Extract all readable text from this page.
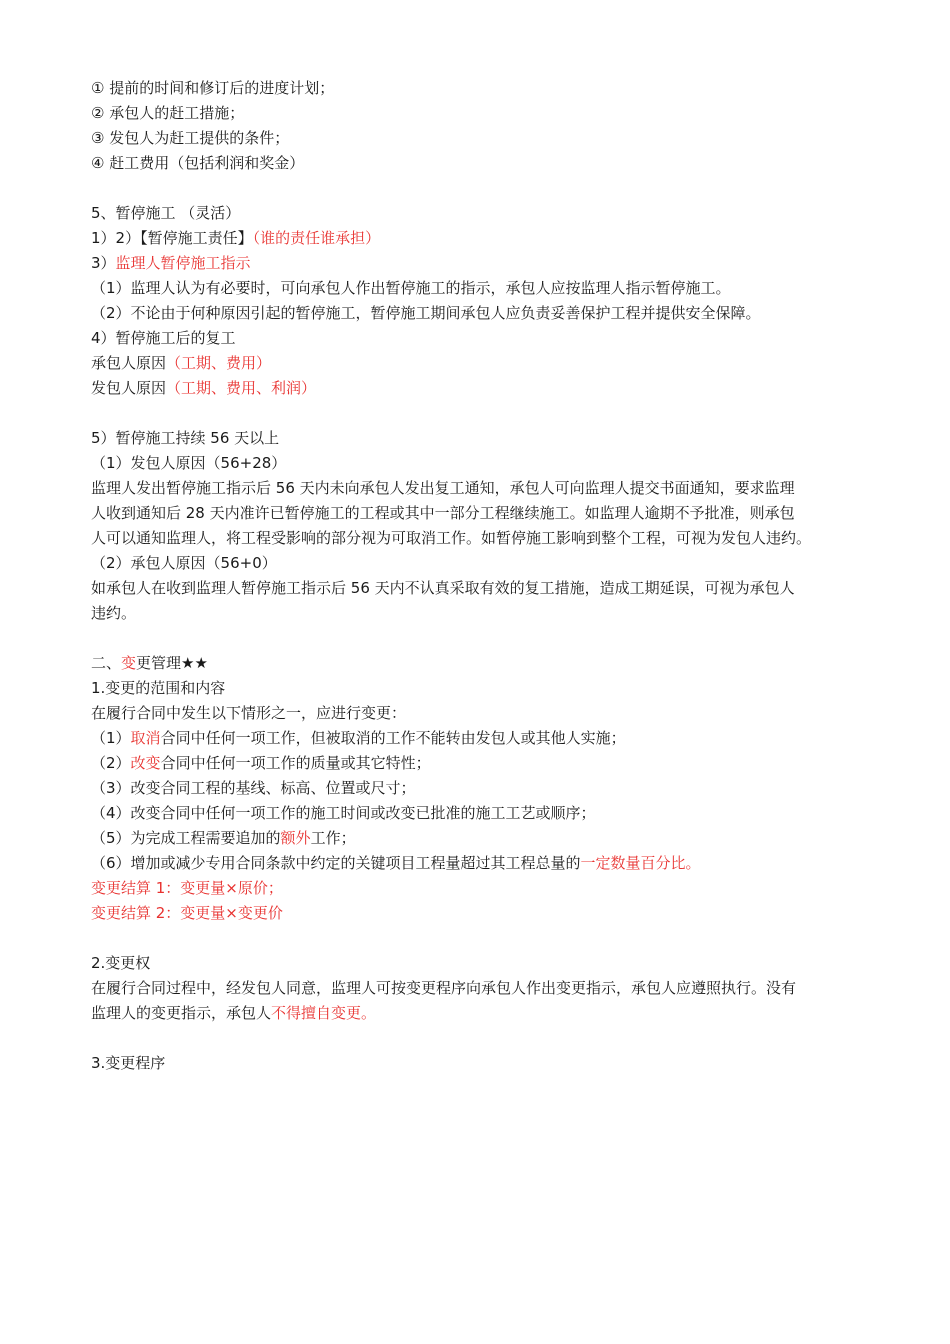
① 提前的时间和修订后的进度计划；
② 承包人的赶工措施；
③ 发包人为赶工提供的条件；
④ 赶工费用（包括利润和奖金）
5、暂停施工 （灵活）
1）2）【暂停施工责任】（谁的责任谁承担）
3）监理人暂停施工指示
（1）监理人认为有必要时，可向承包人作出暂停施工的指示，承包人应按监理人指示暂停施工。
（2）不论由于何种原因引起的暂停施工，暂停施工期间承包人应负责妥善保护工程并提供安全保障。
4）暂停施工后的复工
承包人原因（工期、费用）
发包人原因（工期、费用、利润）
5）暂停施工持续 56 天以上
（1）发包人原因（56+28）
监理人发出暂停施工指示后 56 天内未向承包人发出复工通知，承包人可向监理人提交书面通知，要求监理
人收到通知后 28 天内准许已暂停施工的工程或其中一部分工程继续施工。如监理人逾期不予批准，则承包
人可以通知监理人，将工程受影响的部分视为可取消工作。如暂停施工影响到整个工程，可视为发包人违约。
（2）承包人原因（56+0）
如承包人在收到监理人暂停施工指示后 56 天内不认真采取有效的复工措施，造成工期延误，可视为承包人
违约。
二、变更管理★★
1.变更的范围和内容
在履行合同中发生以下情形之一，应进行变更：
（1）取消合同中任何一项工作，但被取消的工作不能转由发包人或其他人实施；
（2）改变合同中任何一项工作的质量或其它特性；
（3）改变合同工程的基线、标高、位置或尺寸；
（4）改变合同中任何一项工作的施工时间或改变已批准的施工工艺或顺序；
（5）为完成工程需要追加的额外工作；
（6）增加或减少专用合同条款中约定的关键项目工程量超过其工程总量的一定数量百分比。
变更结算 1：变更量×原价；
变更结算 2：变更量×变更价
2.变更权
在履行合同过程中，经发包人同意，监理人可按变更程序向承包人作出变更指示，承包人应遵照执行。没有
监理人的变更指示，承包人不得擅自变更。
3.变更程序
